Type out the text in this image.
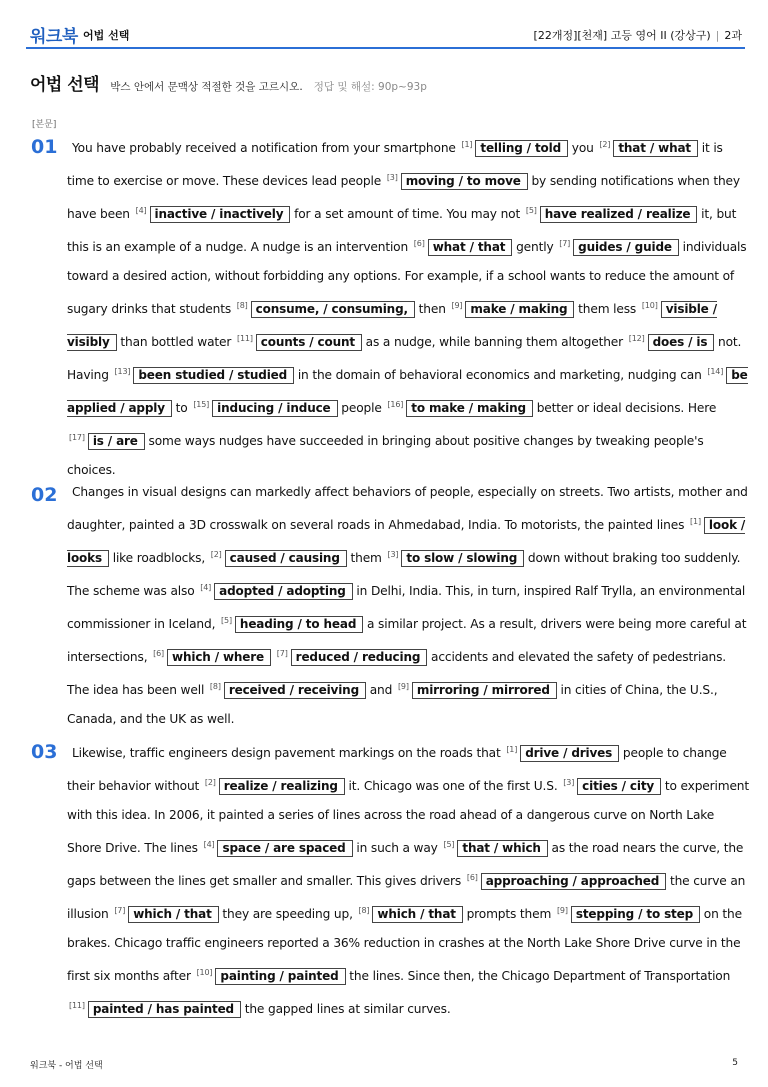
워크북 어법 선택	[22개정][천재] 고등 영어 II (강상구) | 2과
어법 선택 박스 안에서 문맥상 적절한 것을 고르시오. 정답 및 해설: 90p~93p
[본문]
01	You have probably received a notification from your smartphone [1] telling / told you [2] that / what it is time to exercise or move. These devices lead people [3] moving / to move by sending notifications when they have been [4] inactive / inactively for a set amount of time. You may not [5] have realized / realize it, but this is an example of a nudge. A nudge is an intervention [6] what / that gently [7] guides / guide individuals toward a desired action, without forbidding any options. For example, if a school wants to reduce the amount of sugary drinks that students [8] consume, / consuming, then [9] make / making them less [10] visible / visibly than bottled water [11] counts / count as a nudge, while banning them altogether [12] does / is not. Having [13] been studied / studied in the domain of behavioral economics and marketing, nudging can [14] be applied / apply to [15] inducing / induce people [16] to make / making better or ideal decisions. Here [17] is / are some ways nudges have succeeded in bringing about positive changes by tweaking people's choices.
02	Changes in visual designs can markedly affect behaviors of people, especially on streets. Two artists, mother and daughter, painted a 3D crosswalk on several roads in Ahmedabad, India. To motorists, the painted lines [1] look / looks like roadblocks, [2] caused / causing them [3] to slow / slowing down without braking too suddenly. The scheme was also [4] adopted / adopting in Delhi, India. This, in turn, inspired Ralf Trylla, an environmental commissioner in Iceland, [5] heading / to head a similar project. As a result, drivers were being more careful at intersections, [6] which / where [7] reduced / reducing accidents and elevated the safety of pedestrians. The idea has been well [8] received / receiving and [9] mirroring / mirrored in cities of China, the U.S., Canada, and the UK as well.
03	Likewise, traffic engineers design pavement markings on the roads that [1] drive / drives people to change their behavior without [2] realize / realizing it. Chicago was one of the first U.S. [3] cities / city to experiment with this idea. In 2006, it painted a series of lines across the road ahead of a dangerous curve on North Lake Shore Drive. The lines [4] space / are spaced in such a way [5] that / which as the road nears the curve, the gaps between the lines get smaller and smaller. This gives drivers [6] approaching / approached the curve an illusion [7] which / that they are speeding up, [8] which / that prompts them [9] stepping / to step on the brakes. Chicago traffic engineers reported a 36% reduction in crashes at the North Lake Shore Drive curve in the first six months after [10] painting / painted the lines. Since then, the Chicago Department of Transportation [11] painted / has painted the gapped lines at similar curves.
워크북 - 어법 선택	5
